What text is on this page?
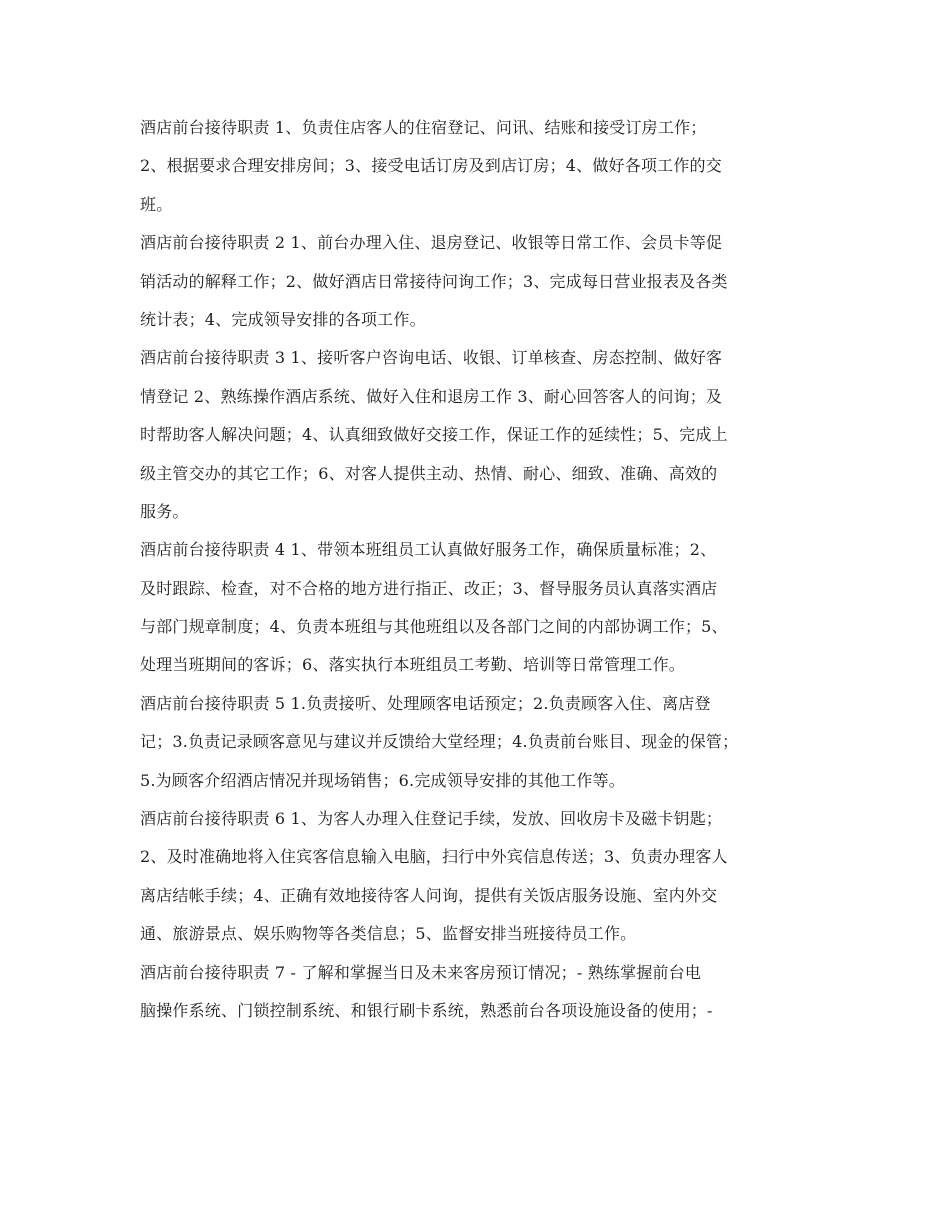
酒店前台接待职责 1、负责住店客人的住宿登记、问讯、结账和接受订房工作；
2、根据要求合理安排房间；3、接受电话订房及到店订房；4、做好各项工作的交
班。
酒店前台接待职责 2 1、前台办理入住、退房登记、收银等日常工作、会员卡等促
销活动的解释工作；2、做好酒店日常接待问询工作；3、完成每日营业报表及各类
统计表；4、完成领导安排的各项工作。
酒店前台接待职责 3 1、接听客户咨询电话、收银、订单核查、房态控制、做好客
情登记 2、熟练操作酒店系统、做好入住和退房工作 3、耐心回答客人的问询；及
时帮助客人解决问题；4、认真细致做好交接工作，保证工作的延续性；5、完成上
级主管交办的其它工作；6、对客人提供主动、热情、耐心、细致、准确、高效的
服务。
酒店前台接待职责 4 1、带领本班组员工认真做好服务工作，确保质量标准；2、
及时跟踪、检查，对不合格的地方进行指正、改正；3、督导服务员认真落实酒店
与部门规章制度；4、负责本班组与其他班组以及各部门之间的内部协调工作；5、
处理当班期间的客诉；6、落实执行本班组员工考勤、培训等日常管理工作。
酒店前台接待职责 5 1.负责接听、处理顾客电话预定；2.负责顾客入住、离店登
记；3.负责记录顾客意见与建议并反馈给大堂经理；4.负责前台账目、现金的保管；
5.为顾客介绍酒店情况并现场销售；6.完成领导安排的其他工作等。
酒店前台接待职责 6 1、为客人办理入住登记手续，发放、回收房卡及磁卡钥匙；
2、及时准确地将入住宾客信息输入电脑，扫行中外宾信息传送；3、负责办理客人
离店结帐手续；4、正确有效地接待客人问询，提供有关饭店服务设施、室内外交
通、旅游景点、娱乐购物等各类信息；5、监督安排当班接待员工作。
酒店前台接待职责 7 - 了解和掌握当日及未来客房预订情况；- 熟练掌握前台电
脑操作系统、门锁控制系统、和银行刷卡系统，熟悉前台各项设施设备的使用；-
